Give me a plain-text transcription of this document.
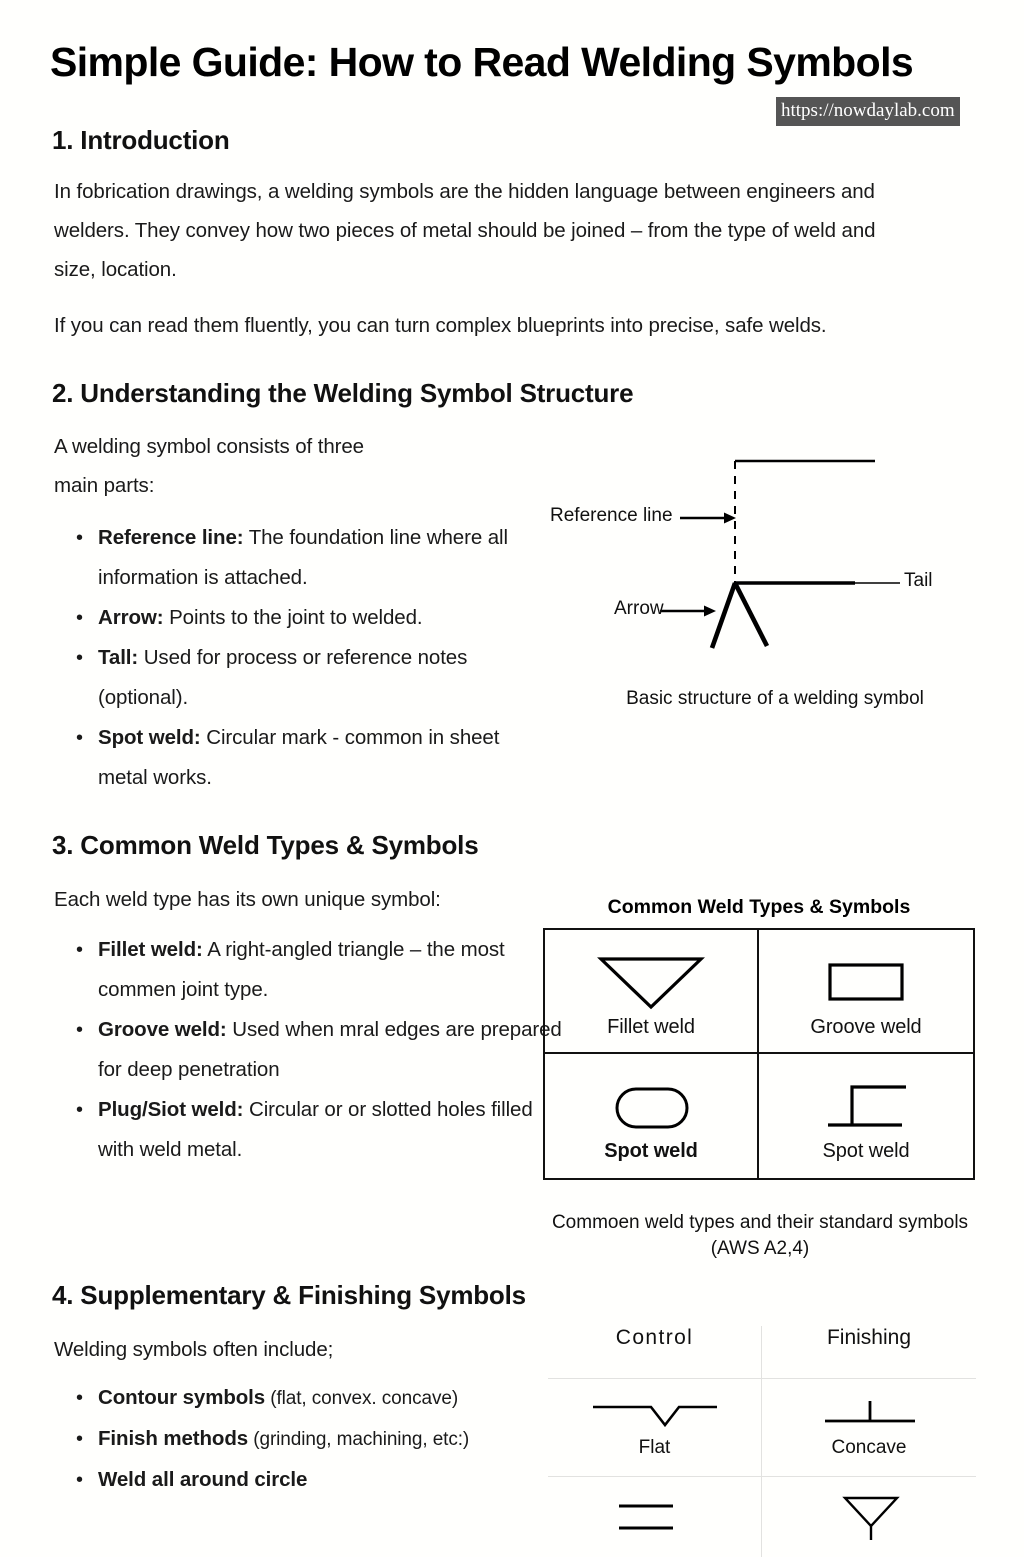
Simple Guide: How to Read Welding Symbols
https://nowdaylab.com
1. Introduction
In fobrication drawings, a welding symbols are the hidden language between engineers and welders. They convey how two pieces of metal should be joined – from the type of weld and size, location.
If you can read them fluently, you can turn complex blueprints into precise, safe welds.
2. Understanding the Welding Symbol Structure
A welding symbol consists of three main parts:
• Reference line: The foundation line where all information is attached.
• Arrow: Points to the joint to welded.
• Tall: Used for process or reference notes (optional).
• Spot weld: Circular mark - common in sheet metal works.
Reference line
Arrow
Tail
Basic structure of a welding symbol
3. Common Weld Types & Symbols
Each weld type has its own unique symbol:
• Fillet weld: A right-angled triangle – the most commen joint type.
• Groove weld: Used when mral edges are prepared for deep penetration
• Plug/Siot weld: Circular or or slotted holes filled with weld metal.
Common Weld Types & Symbols
Fillet weld	Groove weld
Spot weld	Spot weld
Commoen weld types and their standard symbols (AWS A2,4)
4. Supplementary & Finishing Symbols
Welding symbols often include;
• Contour symbols (flat, convex. concave)
• Finish methods (grinding, machining, etc:)
• Weld all around circle
Control	Finishing
Flat	Concave
